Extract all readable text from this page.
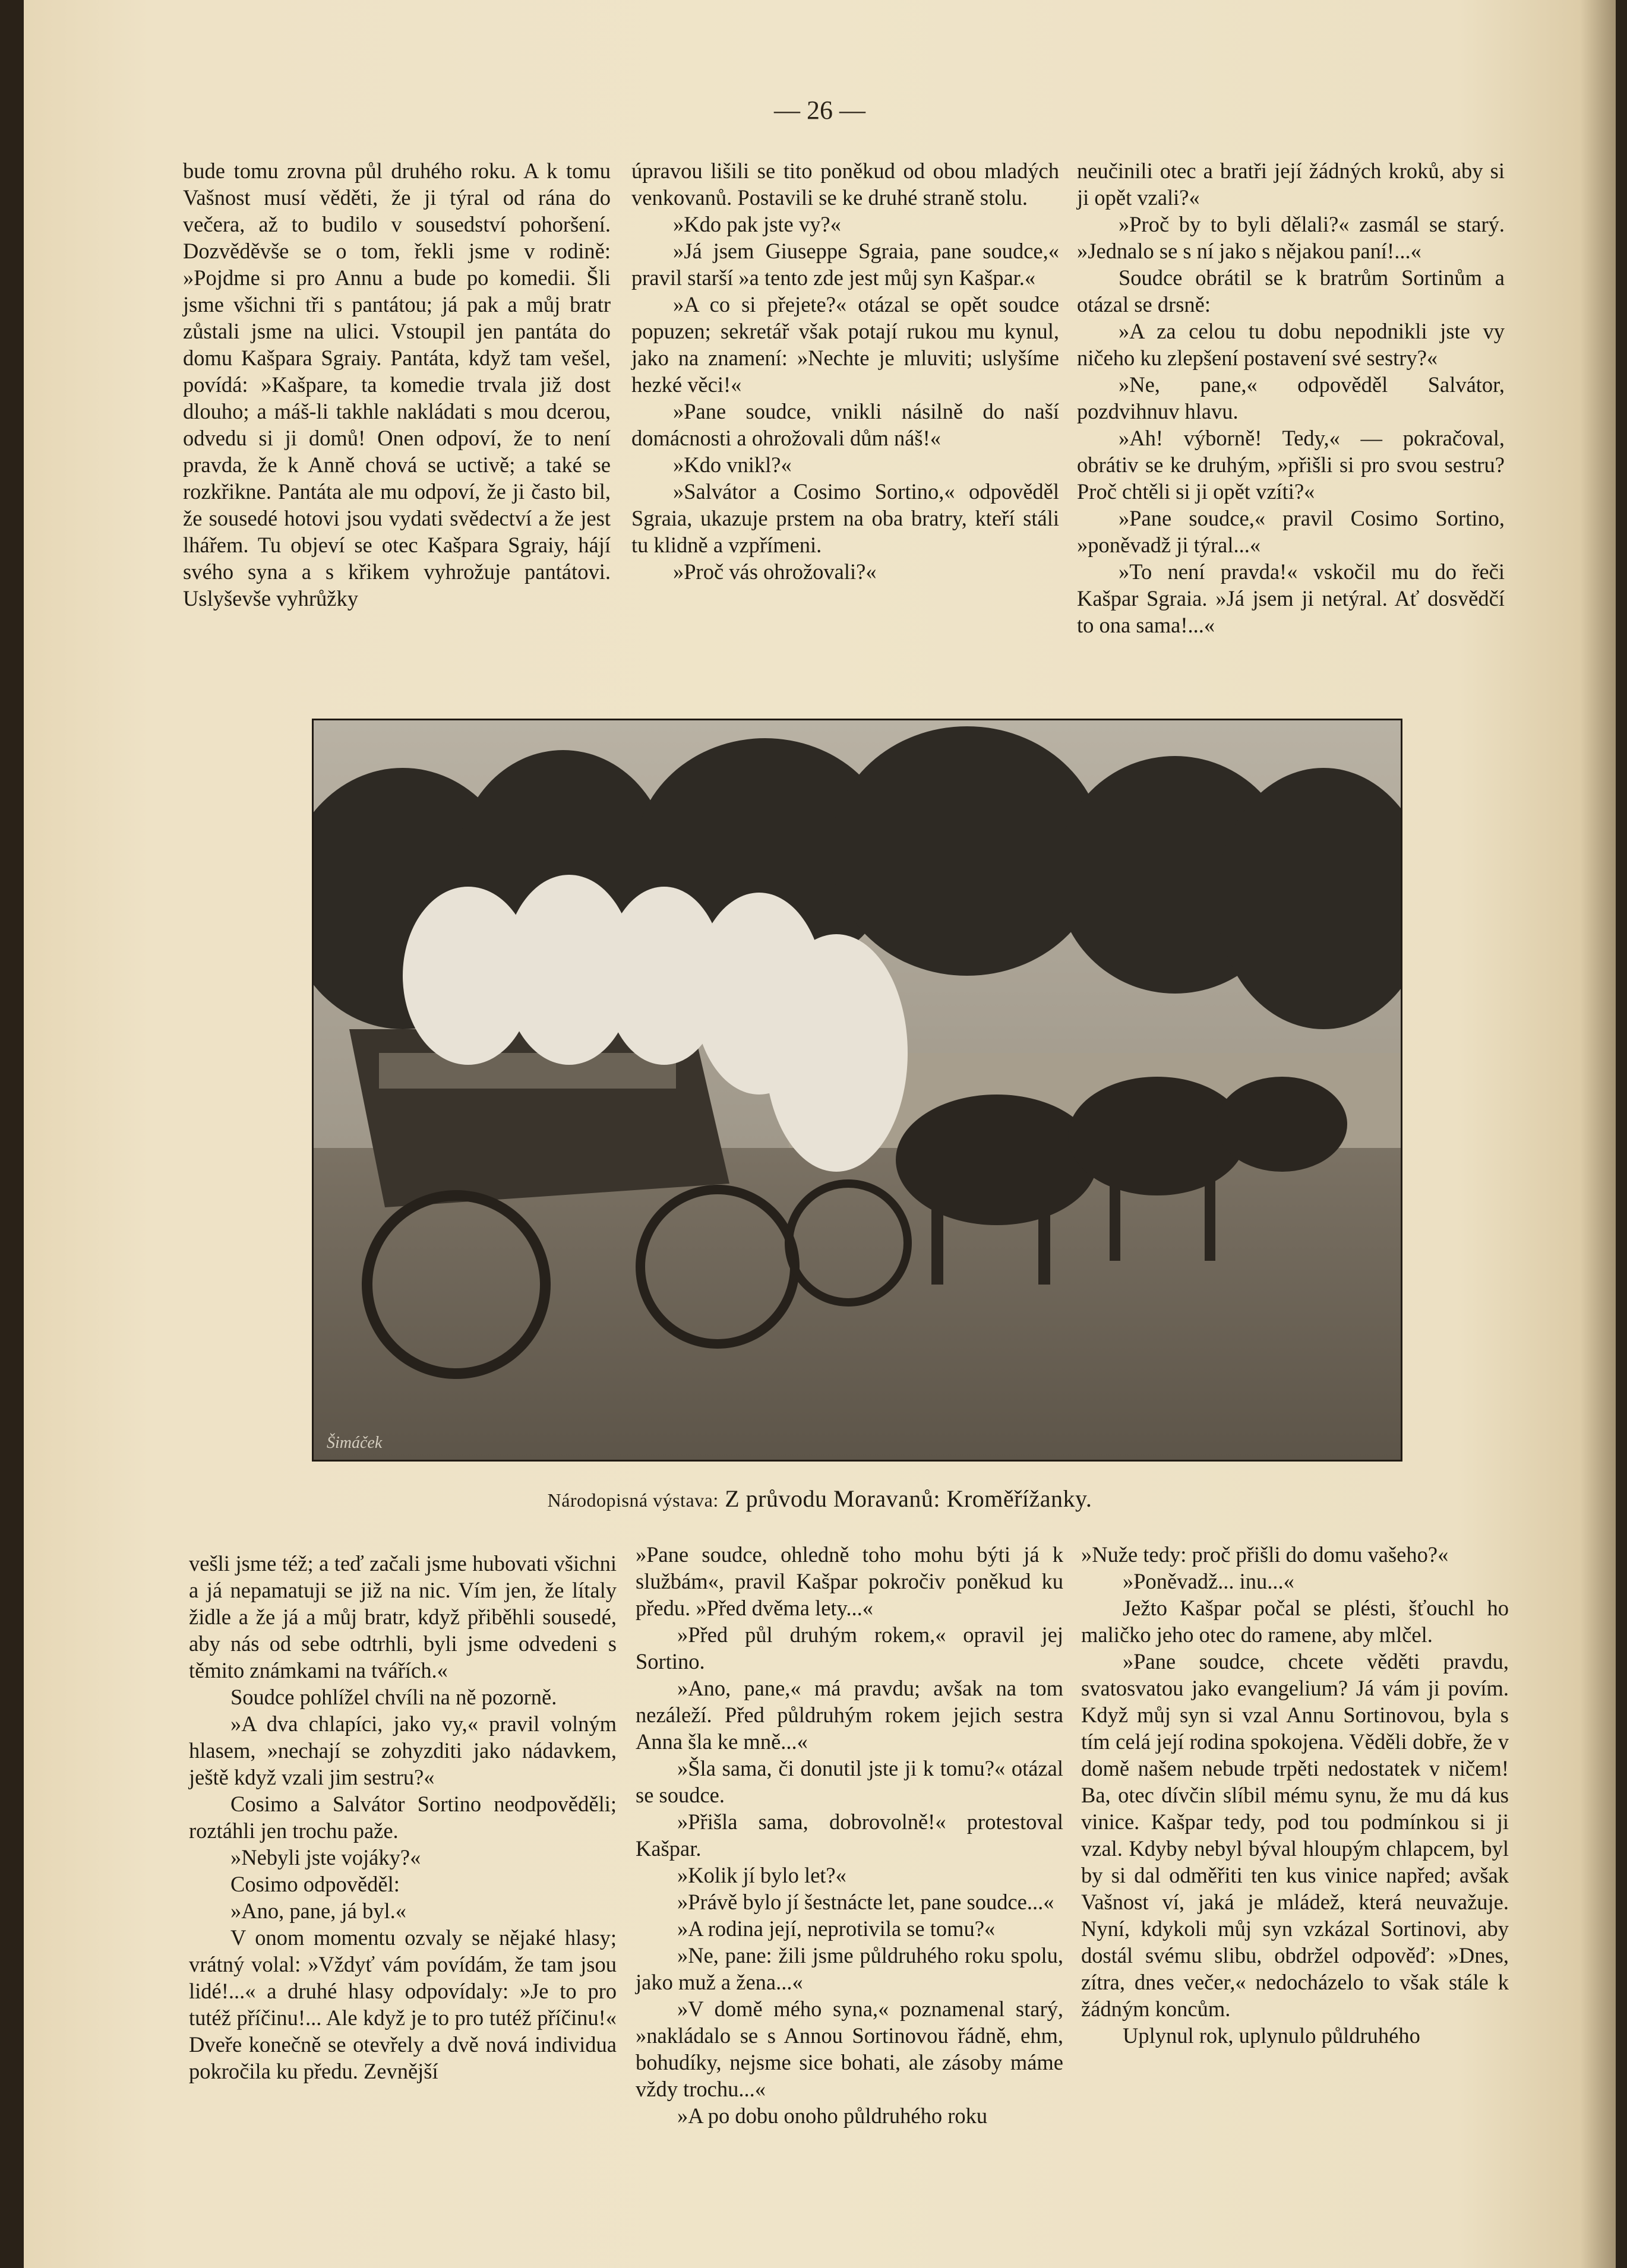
— 26 —

bude tomu zrovna půl druhého roku. A k tomu Vašnost musí věděti, že ji týral od rána do večera, až to budilo v sousedství pohoršení. Dozvěděvše se o tom, řekli jsme v rodině: »Pojdme si pro Annu a bude po komedii. Šli jsme všichni tři s pantátou; já pak a můj bratr zůstali jsme na ulici. Vstoupil jen pantáta do domu Kašpara Sgraiy. Pantáta, když tam vešel, povídá: »Kašpare, ta komedie trvala již dost dlouho; a máš-li takhle nakládati s mou dcerou, odvedu si ji domů! Onen odpoví, že to není pravda, že k Anně chová se uctivě; a také se rozkřikne. Pantáta ale mu odpoví, že ji často bil, že sousedé hotovi jsou vydati svědectví a že jest lhářem. Tu objeví se otec Kašpara Sgraiy, hájí svého syna a s křikem vyhrožuje pantátovi. Uslyševše vyhrůžky

úpravou lišili se tito poněkud od obou mladých venkovanů. Postavili se ke druhé straně stolu.

»Kdo pak jste vy?«

»Já jsem Giuseppe Sgraia, pane soudce,« pravil starší »a tento zde jest můj syn Kašpar.«

»A co si přejete?« otázal se opět soudce popuzen; sekretář však potají rukou mu kynul, jako na znamení: »Nechte je mluviti; uslyšíme hezké věci!«

»Pane soudce, vnikli násilně do naší domácnosti a ohrožovali dům náš!«

»Kdo vnikl?«

»Salvátor a Cosimo Sortino,« odpověděl Sgraia, ukazuje prstem na oba bratry, kteří stáli tu klidně a vzpřímeni.

»Proč vás ohrožovali?«

neučinili otec a bratři její žádných kroků, aby si ji opět vzali?«

»Proč by to byli dělali?« zasmál se starý. »Jednalo se s ní jako s nějakou paní!...«

Soudce obrátil se k bratrům Sortinům a otázal se drsně:

»A za celou tu dobu nepodnikli jste vy ničeho ku zlepšení postavení své sestry?«

»Ne, pane,« odpověděl Salvátor, pozdvihnuv hlavu.

»Ah! výborně! Tedy,« — pokračoval, obrátiv se ke druhým, »přišli si pro svou sestru? Proč chtěli si ji opět vzíti?«

»Pane soudce,« pravil Cosimo Sortino, »poněvadž ji týral...«

»To není pravda!« vskočil mu do řeči Kašpar Sgraia. »Já jsem ji netýral. Ať dosvědčí to ona sama!...«

Šimáček
Národopisná výstava: Z průvodu Moravanů: Kroměřížanky.

vešli jsme též; a teď začali jsme hubovati všichni a já nepamatuji se již na nic. Vím jen, že lítaly židle a že já a můj bratr, když přiběhli sousedé, aby nás od sebe odtrhli, byli jsme odvedeni s těmito známkami na tvářích.«

Soudce pohlížel chvíli na ně pozorně.

»A dva chlapíci, jako vy,« pravil volným hlasem, »nechají se zohyzditi jako nádavkem, ještě když vzali jim sestru?«

Cosimo a Salvátor Sortino neodpověděli; roztáhli jen trochu paže.

»Nebyli jste vojáky?«

Cosimo odpověděl:

»Ano, pane, já byl.«

V onom momentu ozvaly se nějaké hlasy; vrátný volal: »Vždyť vám povídám, že tam jsou lidé!...« a druhé hlasy odpovídaly: »Je to pro tutéž příčinu!... Ale když je to pro tutéž příčinu!« Dveře konečně se otevřely a dvě nová individua pokročila ku předu. Zevnější

»Pane soudce, ohledně toho mohu býti já k službám«, pravil Kašpar pokročiv poněkud ku předu. »Před dvěma lety...«

»Před půl druhým rokem,« opravil jej Sortino.

»Ano, pane,« má pravdu; avšak na tom nezáleží. Před půldruhým rokem jejich sestra Anna šla ke mně...«

»Šla sama, či donutil jste ji k tomu?« otázal se soudce.

»Přišla sama, dobrovolně!« protestoval Kašpar.

»Kolik jí bylo let?«

»Právě bylo jí šestnácte let, pane soudce...«

»A rodina její, neprotivila se tomu?«

»Ne, pane: žili jsme půldruhého roku spolu, jako muž a žena...«

»V domě mého syna,« poznamenal starý, »nakládalo se s Annou Sortinovou řádně, ehm, bohudíky, nejsme sice bohati, ale zásoby máme vždy trochu...«

»A po dobu onoho půldruhého roku

»Nuže tedy: proč přišli do domu vašeho?«

»Poněvadž... inu...«

Ježto Kašpar počal se plésti, šťouchl ho maličko jeho otec do ramene, aby mlčel.

»Pane soudce, chcete věděti pravdu, svatosvatou jako evangelium? Já vám ji povím. Když můj syn si vzal Annu Sortinovou, byla s tím celá její rodina spokojena. Věděli dobře, že v domě našem nebude trpěti nedostatek v ničem! Ba, otec dívčin slíbil mému synu, že mu dá kus vinice. Kašpar tedy, pod tou podmínkou si ji vzal. Kdyby nebyl býval hloupým chlapcem, byl by si dal odměřiti ten kus vinice napřed; avšak Vašnost ví, jaká je mládež, která neuvažuje. Nyní, kdykoli můj syn vzkázal Sortinovi, aby dostál svému slibu, obdržel odpověď: »Dnes, zítra, dnes večer,« nedocházelo to však stále k žádným koncům.

Uplynul rok, uplynulo půldruhého
